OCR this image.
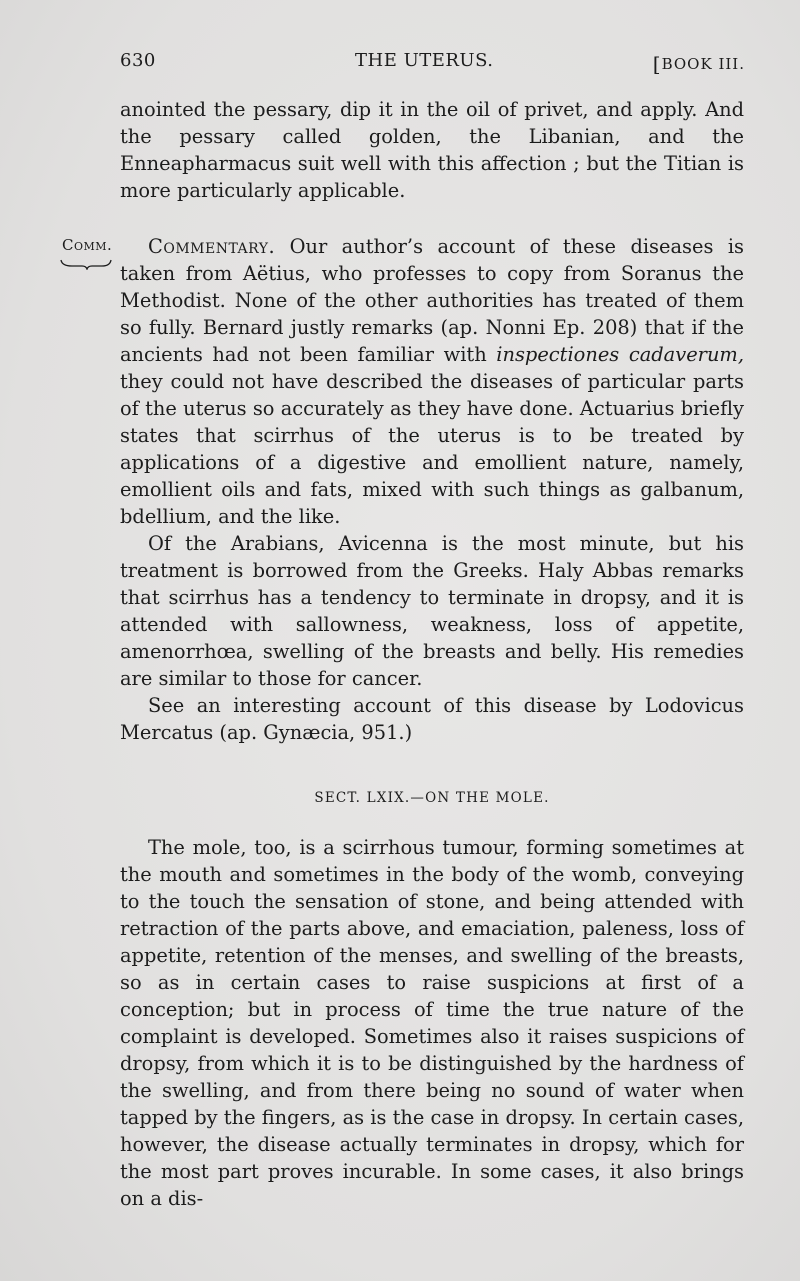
630	THE UTERUS.	[BOOK III.

anointed the pessary, dip it in the oil of privet, and apply. And the pessary called golden, the Libanian, and the Enneapharmacus suit well with this affection ; but the Titian is more particularly applicable.

Comm.	Commentary. Our author’s account of these diseases is taken from Aëtius, who professes to copy from Soranus the Methodist. None of the other authorities has treated of them so fully. Bernard justly remarks (ap. Nonni Ep. 208) that if the ancients had not been familiar with inspectiones cadaverum, they could not have described the diseases of particular parts of the uterus so accurately as they have done. Actuarius briefly states that scirrhus of the uterus is to be treated by applications of a digestive and emollient nature, namely, emollient oils and fats, mixed with such things as galbanum, bdellium, and the like.

Of the Arabians, Avicenna is the most minute, but his treatment is borrowed from the Greeks. Haly Abbas remarks that scirrhus has a tendency to terminate in dropsy, and it is attended with sallowness, weakness, loss of appetite, amenorrhœa, swelling of the breasts and belly. His remedies are similar to those for cancer.

See an interesting account of this disease by Lodovicus Mercatus (ap. Gynæcia, 951.)

SECT. LXIX.—ON THE MOLE.

The mole, too, is a scirrhous tumour, forming sometimes at the mouth and sometimes in the body of the womb, conveying to the touch the sensation of stone, and being attended with retraction of the parts above, and emaciation, paleness, loss of appetite, retention of the menses, and swelling of the breasts, so as in certain cases to raise suspicions at first of a conception; but in process of time the true nature of the complaint is developed. Sometimes also it raises suspicions of dropsy, from which it is to be distinguished by the hardness of the swelling, and from there being no sound of water when tapped by the fingers, as is the case in dropsy. In certain cases, however, the disease actually terminates in dropsy, which for the most part proves incurable. In some cases, it also brings on a dis-
